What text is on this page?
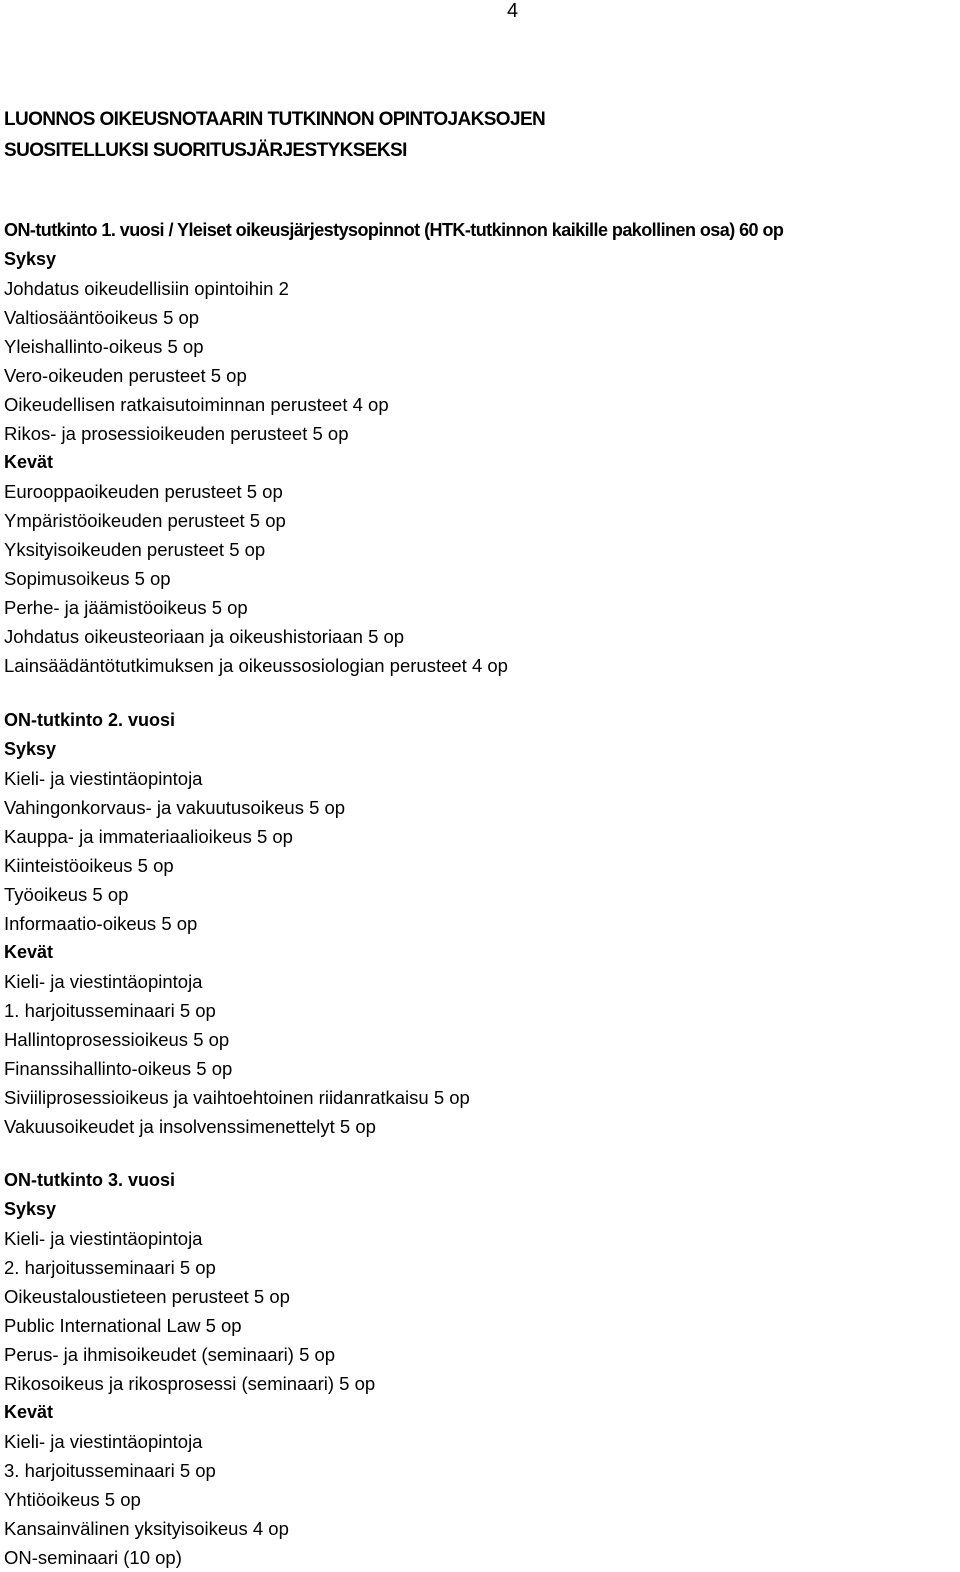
4
LUONNOS OIKEUSNOTAARIN TUTKINNON OPINTOJAKSOJEN
SUOSITELLUKSI SUORITUSJÄRJESTYKSEKSI
ON-tutkinto 1. vuosi / Yleiset oikeusjärjestysopinnot (HTK-tutkinnon kaikille pakollinen osa) 60 op
Syksy
Johdatus oikeudellisiin opintoihin 2
Valtiosääntöoikeus 5 op
Yleishallinto-oikeus 5 op
Vero-oikeuden perusteet 5 op
Oikeudellisen ratkaisutoiminnan perusteet 4 op
Rikos- ja prosessioikeuden perusteet 5 op
Kevät
Eurooppaoikeuden perusteet 5 op
Ympäristöoikeuden perusteet 5 op
Yksityisoikeuden perusteet 5 op
Sopimusoikeus 5 op
Perhe- ja jäämistöoikeus 5 op
Johdatus oikeusteoriaan ja oikeushistoriaan 5 op
Lainsäädäntötutkimuksen ja oikeussosiologian perusteet 4 op
ON-tutkinto 2. vuosi
Syksy
Kieli- ja viestintäopintoja
Vahingonkorvaus- ja vakuutusoikeus 5 op
Kauppa- ja immateriaalioikeus 5 op
Kiinteistöoikeus 5 op
Työoikeus 5 op
Informaatio-oikeus 5 op
Kevät
Kieli- ja viestintäopintoja
1. harjoitusseminaari 5 op
Hallintoprosessioikeus 5 op
Finanssihallinto-oikeus 5 op
Siviiliprosessioikeus ja vaihtoehtoinen riidanratkaisu 5 op
Vakuusoikeudet ja insolvenssimenettelyt 5 op
ON-tutkinto 3. vuosi
Syksy
Kieli- ja viestintäopintoja
2. harjoitusseminaari 5 op
Oikeustaloustieteen perusteet 5 op
Public International Law 5 op
Perus- ja ihmisoikeudet (seminaari) 5 op
Rikosoikeus ja rikosprosessi (seminaari) 5 op
Kevät
Kieli- ja viestintäopintoja
3. harjoitusseminaari 5 op
Yhtiöoikeus 5 op
Kansainvälinen yksityisoikeus 4 op
ON-seminaari (10 op)
